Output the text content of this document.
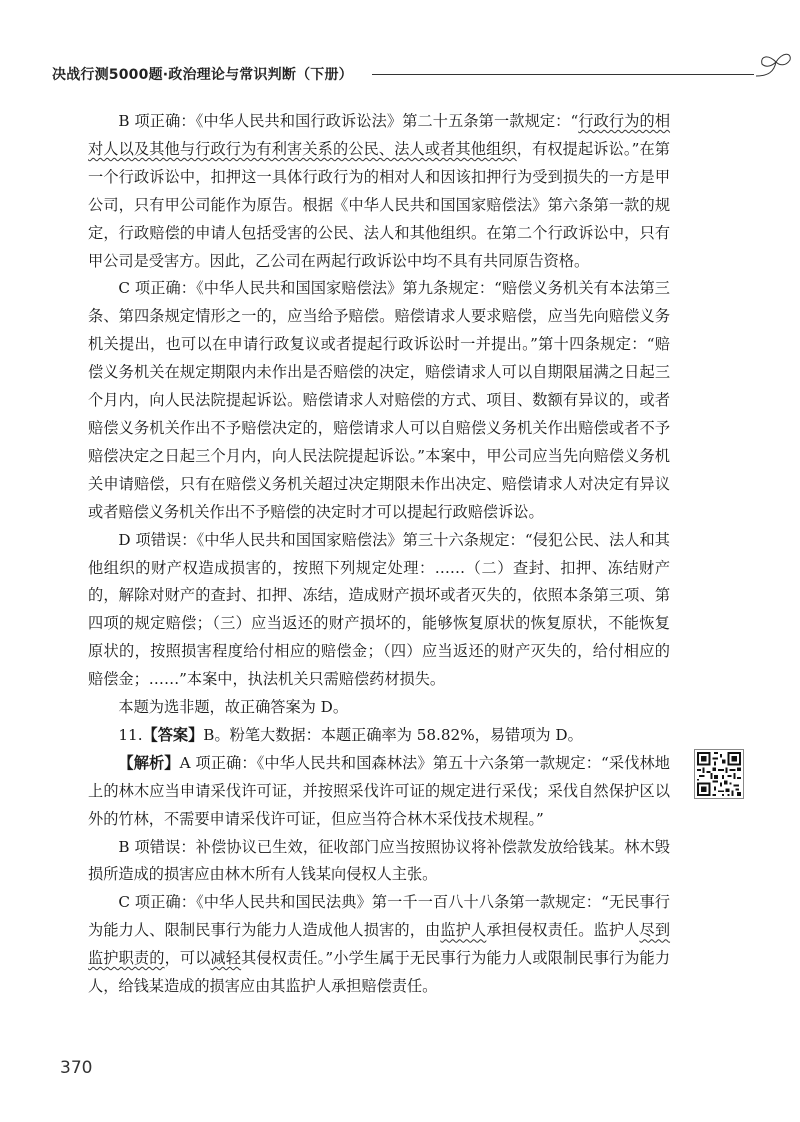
决战行测5000题·政治理论与常识判断（下册）

B 项正确：《中华人民共和国行政诉讼法》第二十五条第一款规定：“行政行为的相对人以及其他与行政行为有利害关系的公民、法人或者其他组织，有权提起诉讼。”在第一个行政诉讼中，扣押这一具体行政行为的相对人和因该扣押行为受到损失的一方是甲公司，只有甲公司能作为原告。根据《中华人民共和国国家赔偿法》第六条第一款的规定，行政赔偿的申请人包括受害的公民、法人和其他组织。在第二个行政诉讼中，只有甲公司是受害方。因此，乙公司在两起行政诉讼中均不具有共同原告资格。

C 项正确：《中华人民共和国国家赔偿法》第九条规定：“赔偿义务机关有本法第三条、第四条规定情形之一的，应当给予赔偿。赔偿请求人要求赔偿，应当先向赔偿义务机关提出，也可以在申请行政复议或者提起行政诉讼时一并提出。”第十四条规定：“赔偿义务机关在规定期限内未作出是否赔偿的决定，赔偿请求人可以自期限届满之日起三个月内，向人民法院提起诉讼。赔偿请求人对赔偿的方式、项目、数额有异议的，或者赔偿义务机关作出不予赔偿决定的，赔偿请求人可以自赔偿义务机关作出赔偿或者不予赔偿决定之日起三个月内，向人民法院提起诉讼。”本案中，甲公司应当先向赔偿义务机关申请赔偿，只有在赔偿义务机关超过决定期限未作出决定、赔偿请求人对决定有异议或者赔偿义务机关作出不予赔偿的决定时才可以提起行政赔偿诉讼。

D 项错误：《中华人民共和国国家赔偿法》第三十六条规定：“侵犯公民、法人和其他组织的财产权造成损害的，按照下列规定处理：……（二）查封、扣押、冻结财产的，解除对财产的查封、扣押、冻结，造成财产损坏或者灭失的，依照本条第三项、第四项的规定赔偿；（三）应当返还的财产损坏的，能够恢复原状的恢复原状，不能恢复原状的，按照损害程度给付相应的赔偿金；（四）应当返还的财产灭失的，给付相应的赔偿金；……”本案中，执法机关只需赔偿药材损失。

本题为选非题，故正确答案为 D。

11.【答案】B。粉笔大数据：本题正确率为 58.82%，易错项为 D。

【解析】A 项正确：《中华人民共和国森林法》第五十六条第一款规定：“采伐林地上的林木应当申请采伐许可证，并按照采伐许可证的规定进行采伐；采伐自然保护区以外的竹林，不需要申请采伐许可证，但应当符合林木采伐技术规程。”

B 项错误：补偿协议已生效，征收部门应当按照协议将补偿款发放给钱某。林木毁损所造成的损害应由林木所有人钱某向侵权人主张。

C 项正确：《中华人民共和国民法典》第一千一百八十八条第一款规定：“无民事行为能力人、限制民事行为能力人造成他人损害的，由监护人承担侵权责任。监护人尽到监护职责的，可以减轻其侵权责任。”小学生属于无民事行为能力人或限制民事行为能力人，给钱某造成的损害应由其监护人承担赔偿责任。

370
